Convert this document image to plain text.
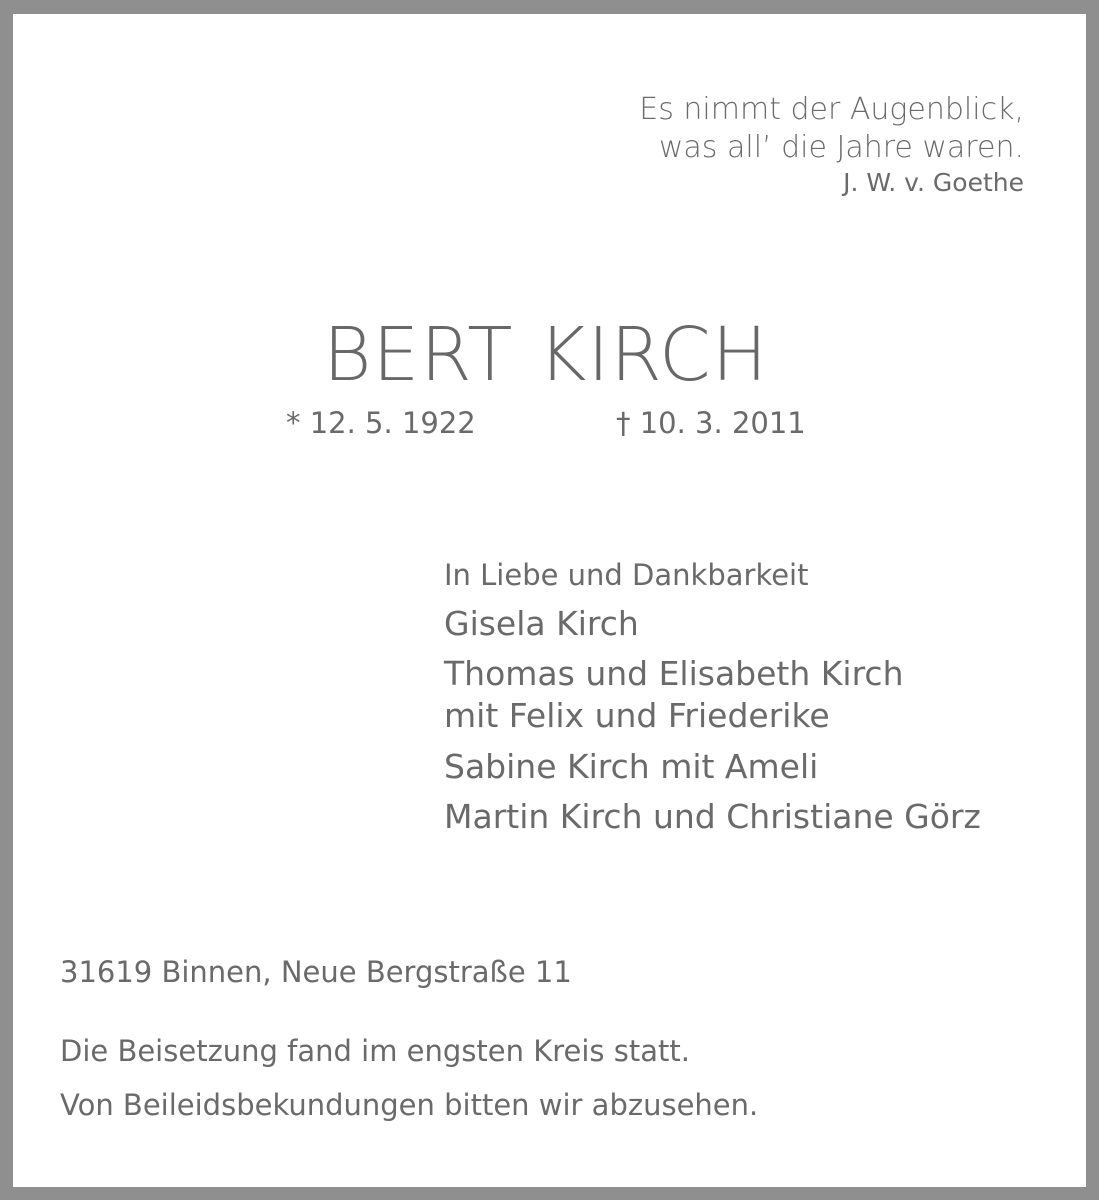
Es nimmt der Augenblick,
was all’ die Jahre waren.
J. W. v. Goethe
BERT KIRCH
* 12. 5. 1922	† 10. 3. 2011
In Liebe und Dankbarkeit
Gisela Kirch
Thomas und Elisabeth Kirch
mit Felix und Friederike
Sabine Kirch mit Ameli
Martin Kirch und Christiane Görz
31619 Binnen, Neue Bergstraße 11
Die Beisetzung fand im engsten Kreis statt.
Von Beileidsbekundungen bitten wir abzusehen.
